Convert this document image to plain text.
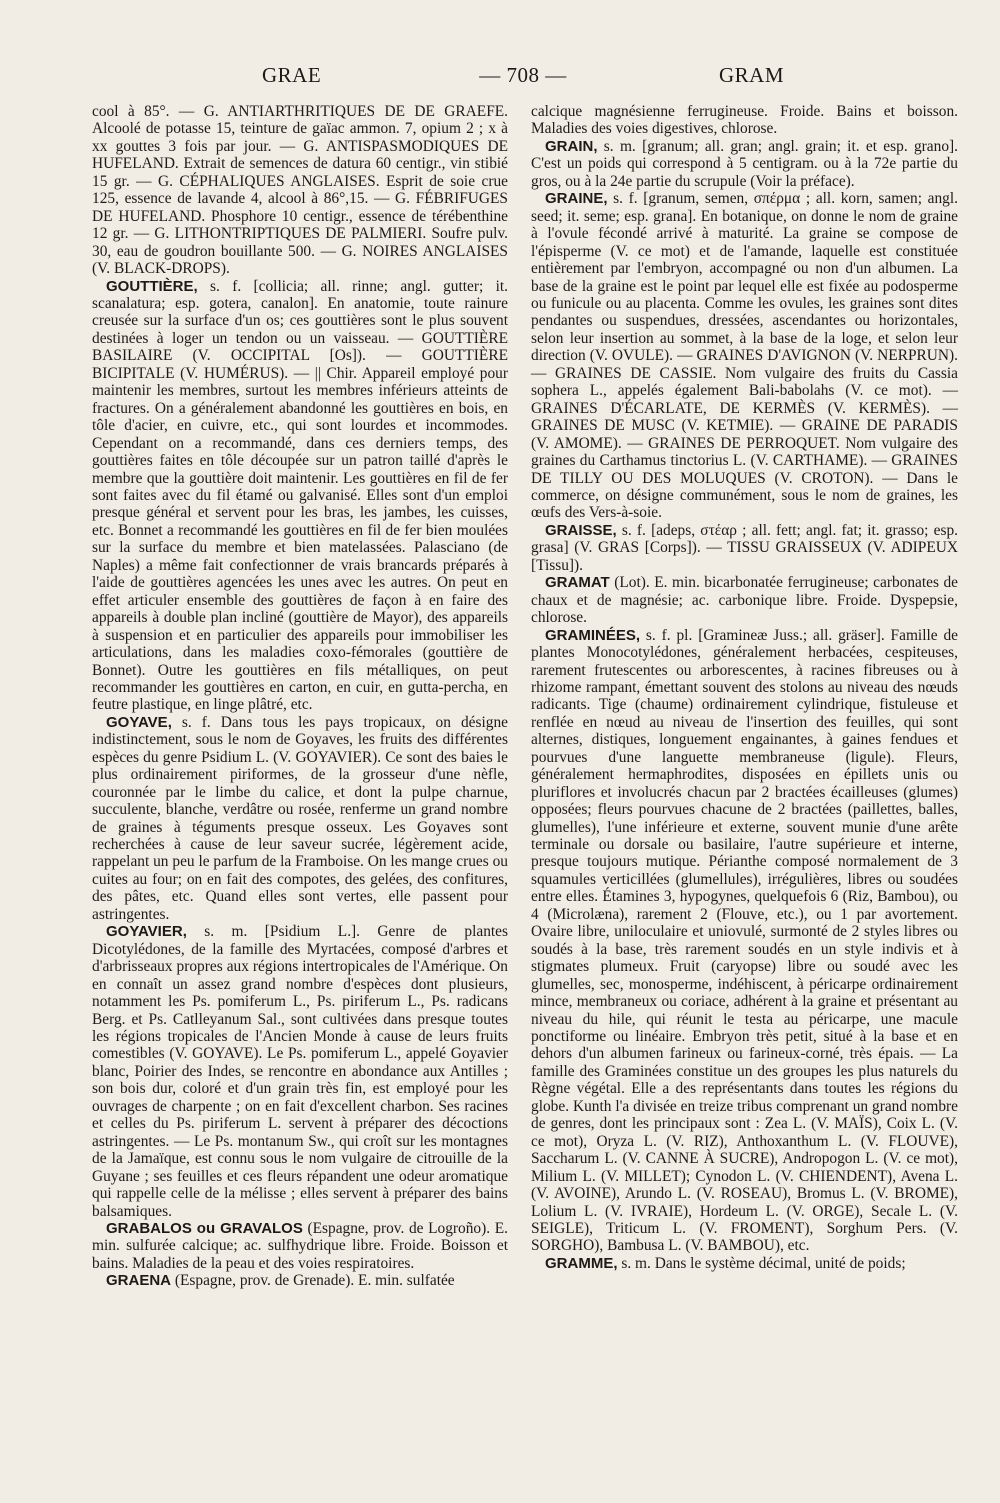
GRAE	— 708 —	GRAM

cool à 85°. — G. ANTIARTHRITIQUES DE DE GRAEFE. Alcoolé de potasse 15, teinture de gaïac ammon. 7, opium 2 ; x à xx gouttes 3 fois par jour. — G. ANTISPASMODIQUES DE HUFELAND. Extrait de semences de datura 60 centigr., vin stibié 15 gr. — G. CÉPHALIQUES ANGLAISES. Esprit de soie crue 125, essence de lavande 4, alcool à 86°,15. — G. FÉBRIFUGES DE HUFELAND. Phosphore 10 centigr., essence de térébenthine 12 gr. — G. LITHONTRIPTIQUES DE PALMIERI. Soufre pulv. 30, eau de goudron bouillante 500. — G. NOIRES ANGLAISES (V. BLACK-DROPS).

GOUTTIÈRE, s. f. [collicia; all. rinne; angl. gutter; it. scanalatura; esp. gotera, canalon]. En anatomie, toute rainure creusée sur la surface d'un os; ces gouttières sont le plus souvent destinées à loger un tendon ou un vaisseau. — GOUTTIÈRE BASILAIRE (V. OCCIPITAL [Os]). — GOUTTIÈRE BICIPITALE (V. HUMÉRUS). — || Chir. Appareil employé pour maintenir les membres, surtout les membres inférieurs atteints de fractures. On a généralement abandonné les gouttières en bois, en tôle d'acier, en cuivre, etc., qui sont lourdes et incommodes. Cependant on a recommandé, dans ces derniers temps, des gouttières faites en tôle découpée sur un patron taillé d'après le membre que la gouttière doit maintenir. Les gouttières en fil de fer sont faites avec du fil étamé ou galvanisé. Elles sont d'un emploi presque général et servent pour les bras, les jambes, les cuisses, etc. Bonnet a recommandé les gouttières en fil de fer bien moulées sur la surface du membre et bien matelassées. Palasciano (de Naples) a même fait confectionner de vrais brancards préparés à l'aide de gouttières agencées les unes avec les autres. On peut en effet articuler ensemble des gouttières de façon à en faire des appareils à double plan incliné (gouttière de Mayor), des appareils à suspension et en particulier des appareils pour immobiliser les articulations, dans les maladies coxo-fémorales (gouttière de Bonnet). Outre les gouttières en fils métalliques, on peut recommander les gouttières en carton, en cuir, en gutta-percha, en feutre plastique, en linge plâtré, etc.

GOYAVE, s. f. Dans tous les pays tropicaux, on désigne indistinctement, sous le nom de Goyaves, les fruits des différentes espèces du genre Psidium L. (V. GOYAVIER). Ce sont des baies le plus ordinairement piriformes, de la grosseur d'une nèfle, couronnée par le limbe du calice, et dont la pulpe charnue, succulente, blanche, verdâtre ou rosée, renferme un grand nombre de graines à téguments presque osseux. Les Goyaves sont recherchées à cause de leur saveur sucrée, légèrement acide, rappelant un peu le parfum de la Framboise. On les mange crues ou cuites au four; on en fait des compotes, des gelées, des confitures, des pâtes, etc. Quand elles sont vertes, elle passent pour astringentes.

GOYAVIER, s. m. [Psidium L.]. Genre de plantes Dicotylédones, de la famille des Myrtacées, composé d'arbres et d'arbrisseaux propres aux régions intertropicales de l'Amérique. On en connaît un assez grand nombre d'espèces dont plusieurs, notamment les Ps. pomiferum L., Ps. piriferum L., Ps. radicans Berg. et Ps. Catlleyanum Sal., sont cultivées dans presque toutes les régions tropicales de l'Ancien Monde à cause de leurs fruits comestibles (V. GOYAVE). Le Ps. pomiferum L., appelé Goyavier blanc, Poirier des Indes, se rencontre en abondance aux Antilles ; son bois dur, coloré et d'un grain très fin, est employé pour les ouvrages de charpente ; on en fait d'excellent charbon. Ses racines et celles du Ps. piriferum L. servent à préparer des décoctions astringentes. — Le Ps. montanum Sw., qui croît sur les montagnes de la Jamaïque, est connu sous le nom vulgaire de citrouille de la Guyane ; ses feuilles et ces fleurs répandent une odeur aromatique qui rappelle celle de la mélisse ; elles servent à préparer des bains balsamiques.

GRABALOS ou GRAVALOS (Espagne, prov. de Logroño). E. min. sulfurée calcique; ac. sulfhydrique libre. Froide. Boisson et bains. Maladies de la peau et des voies respiratoires.

GRAENA (Espagne, prov. de Grenade). E. min. sulfatée

calcique magnésienne ferrugineuse. Froide. Bains et boisson. Maladies des voies digestives, chlorose.

GRAIN, s. m. [granum; all. gran; angl. grain; it. et esp. grano]. C'est un poids qui correspond à 5 centigram. ou à la 72e partie du gros, ou à la 24e partie du scrupule (Voir la préface).

GRAINE, s. f. [granum, semen, σπέρμα ; all. korn, samen; angl. seed; it. seme; esp. grana]. En botanique, on donne le nom de graine à l'ovule fécondé arrivé à maturité. La graine se compose de l'épisperme (V. ce mot) et de l'amande, laquelle est constituée entièrement par l'embryon, accompagné ou non d'un albumen. La base de la graine est le point par lequel elle est fixée au podosperme ou funicule ou au placenta. Comme les ovules, les graines sont dites pendantes ou suspendues, dressées, ascendantes ou horizontales, selon leur insertion au sommet, à la base de la loge, et selon leur direction (V. OVULE). — GRAINES D'AVIGNON (V. NERPRUN). — GRAINES DE CASSIE. Nom vulgaire des fruits du Cassia sophera L., appelés également Bali-babolahs (V. ce mot). — GRAINES D'ÉCARLATE, DE KERMÈS (V. KERMÈS). — GRAINES DE MUSC (V. KETMIE). — GRAINE DE PARADIS (V. AMOME). — GRAINES DE PERROQUET. Nom vulgaire des graines du Carthamus tinctorius L. (V. CARTHAME). — GRAINES DE TILLY OU DES MOLUQUES (V. CROTON). — Dans le commerce, on désigne communément, sous le nom de graines, les œufs des Vers-à-soie.

GRAISSE, s. f. [adeps, στέαρ ; all. fett; angl. fat; it. grasso; esp. grasa] (V. GRAS [Corps]). — TISSU GRAISSEUX (V. ADIPEUX [Tissu]).

GRAMAT (Lot). E. min. bicarbonatée ferrugineuse; carbonates de chaux et de magnésie; ac. carbonique libre. Froide. Dyspepsie, chlorose.

GRAMINÉES, s. f. pl. [Gramineæ Juss.; all. gräser]. Famille de plantes Monocotylédones, généralement herbacées, cespiteuses, rarement frutescentes ou arborescentes, à racines fibreuses ou à rhizome rampant, émettant souvent des stolons au niveau des nœuds radicants. Tige (chaume) ordinairement cylindrique, fistuleuse et renflée en nœud au niveau de l'insertion des feuilles, qui sont alternes, distiques, longuement engainantes, à gaines fendues et pourvues d'une languette membraneuse (ligule). Fleurs, généralement hermaphrodites, disposées en épillets unis ou pluriflores et involucrés chacun par 2 bractées écailleuses (glumes) opposées; fleurs pourvues chacune de 2 bractées (paillettes, balles, glumelles), l'une inférieure et externe, souvent munie d'une arête terminale ou dorsale ou basilaire, l'autre supérieure et interne, presque toujours mutique. Périanthe composé normalement de 3 squamules verticillées (glumellules), irrégulières, libres ou soudées entre elles. Étamines 3, hypogynes, quelquefois 6 (Riz, Bambou), ou 4 (Microlæna), rarement 2 (Flouve, etc.), ou 1 par avortement. Ovaire libre, uniloculaire et uniovulé, surmonté de 2 styles libres ou soudés à la base, très rarement soudés en un style indivis et à stigmates plumeux. Fruit (caryopse) libre ou soudé avec les glumelles, sec, monosperme, indéhiscent, à péricarpe ordinairement mince, membraneux ou coriace, adhérent à la graine et présentant au niveau du hile, qui réunit le testa au péricarpe, une macule ponctiforme ou linéaire. Embryon très petit, situé à la base et en dehors d'un albumen farineux ou farineux-corné, très épais. — La famille des Graminées constitue un des groupes les plus naturels du Règne végétal. Elle a des représentants dans toutes les régions du globe. Kunth l'a divisée en treize tribus comprenant un grand nombre de genres, dont les principaux sont : Zea L. (V. MAÏS), Coix L. (V. ce mot), Oryza L. (V. RIZ), Anthoxanthum L. (V. FLOUVE), Saccharum L. (V. CANNE À SUCRE), Andropogon L. (V. ce mot), Milium L. (V. MILLET); Cynodon L. (V. CHIENDENT), Avena L. (V. AVOINE), Arundo L. (V. ROSEAU), Bromus L. (V. BROME), Lolium L. (V. IVRAIE), Hordeum L. (V. ORGE), Secale L. (V. SEIGLE), Triticum L. (V. FROMENT), Sorghum Pers. (V. SORGHO), Bambusa L. (V. BAMBOU), etc.

GRAMME, s. m. Dans le système décimal, unité de poids;
